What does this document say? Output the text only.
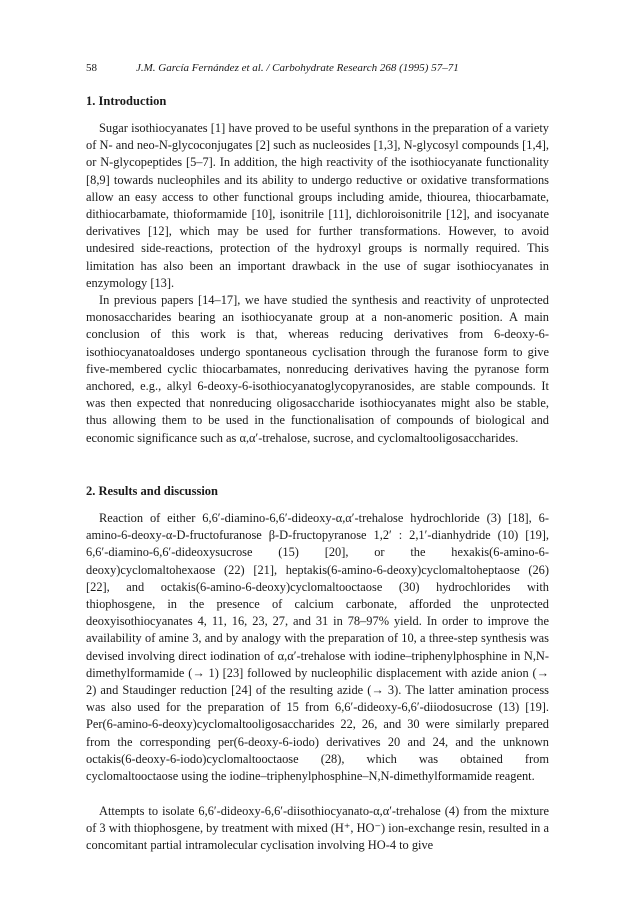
58	J.M. García Fernández et al. / Carbohydrate Research 268 (1995) 57–71
1. Introduction

Sugar isothiocyanates [1] have proved to be useful synthons in the preparation of a variety of N- and neo-N-glycoconjugates [2] such as nucleosides [1,3], N-glycosyl compounds [1,4], or N-glycopeptides [5–7]. In addition, the high reactivity of the isothiocyanate functionality [8,9] towards nucleophiles and its ability to undergo reductive or oxidative transformations allow an easy access to other functional groups including amide, thiourea, thiocarbamate, dithiocarbamate, thioformamide [10], isonitrile [11], dichloroisonitrile [12], and isocyanate derivatives [12], which may be used for further transformations. However, to avoid undesired side-reactions, protection of the hydroxyl groups is normally required. This limitation has also been an important drawback in the use of sugar isothiocyanates in enzymology [13].

In previous papers [14–17], we have studied the synthesis and reactivity of unprotected monosaccharides bearing an isothiocyanate group at a non-anomeric position. A main conclusion of this work is that, whereas reducing derivatives from 6-deoxy-6-isothiocyanatoaldoses undergo spontaneous cyclisation through the furanose form to give five-membered cyclic thiocarbamates, nonreducing derivatives having the pyranose form anchored, e.g., alkyl 6-deoxy-6-isothiocyanatoglycopyranosides, are stable compounds. It was then expected that nonreducing oligosaccharide isothiocyanates might also be stable, thus allowing them to be used in the functionalisation of compounds of biological and economic significance such as α,α′-trehalose, sucrose, and cyclomaltooligosaccharides.

2. Results and discussion

Reaction of either 6,6′-diamino-6,6′-dideoxy-α,α′-trehalose hydrochloride (3) [18], 6-amino-6-deoxy-α-D-fructofuranose β-D-fructopyranose 1,2′ : 2,1′-dianhydride (10) [19], 6,6′-diamino-6,6′-dideoxysucrose (15) [20], or the hexakis(6-amino-6-deoxy)cyclomaltohexaose (22) [21], heptakis(6-amino-6-deoxy)cyclomaltoheptaose (26) [22], and octakis(6-amino-6-deoxy)cyclomaltooctaose (30) hydrochlorides with thiophosgene, in the presence of calcium carbonate, afforded the unprotected deoxyisothiocyanates 4, 11, 16, 23, 27, and 31 in 78–97% yield. In order to improve the availability of amine 3, and by analogy with the preparation of 10, a three-step synthesis was devised involving direct iodination of α,α′-trehalose with iodine–triphenylphosphine in N,N-dimethylformamide (→ 1) [23] followed by nucleophilic displacement with azide anion (→ 2) and Staudinger reduction [24] of the resulting azide (→ 3). The latter amination process was also used for the preparation of 15 from 6,6′-dideoxy-6,6′-diiodosucrose (13) [19]. Per(6-amino-6-deoxy)cyclomaltooligosaccharides 22, 26, and 30 were similarly prepared from the corresponding per(6-deoxy-6-iodo) derivatives 20 and 24, and the unknown octakis(6-deoxy-6-iodo)cyclomaltooctaose (28), which was obtained from cyclomaltooctaose using the iodine–triphenylphosphine–N,N-dimethylformamide reagent.

Attempts to isolate 6,6′-dideoxy-6,6′-diisothiocyanato-α,α′-trehalose (4) from the mixture of 3 with thiophosgene, by treatment with mixed (H⁺, HO⁻) ion-exchange resin, resulted in a concomitant partial intramolecular cyclisation involving HO-4 to give
